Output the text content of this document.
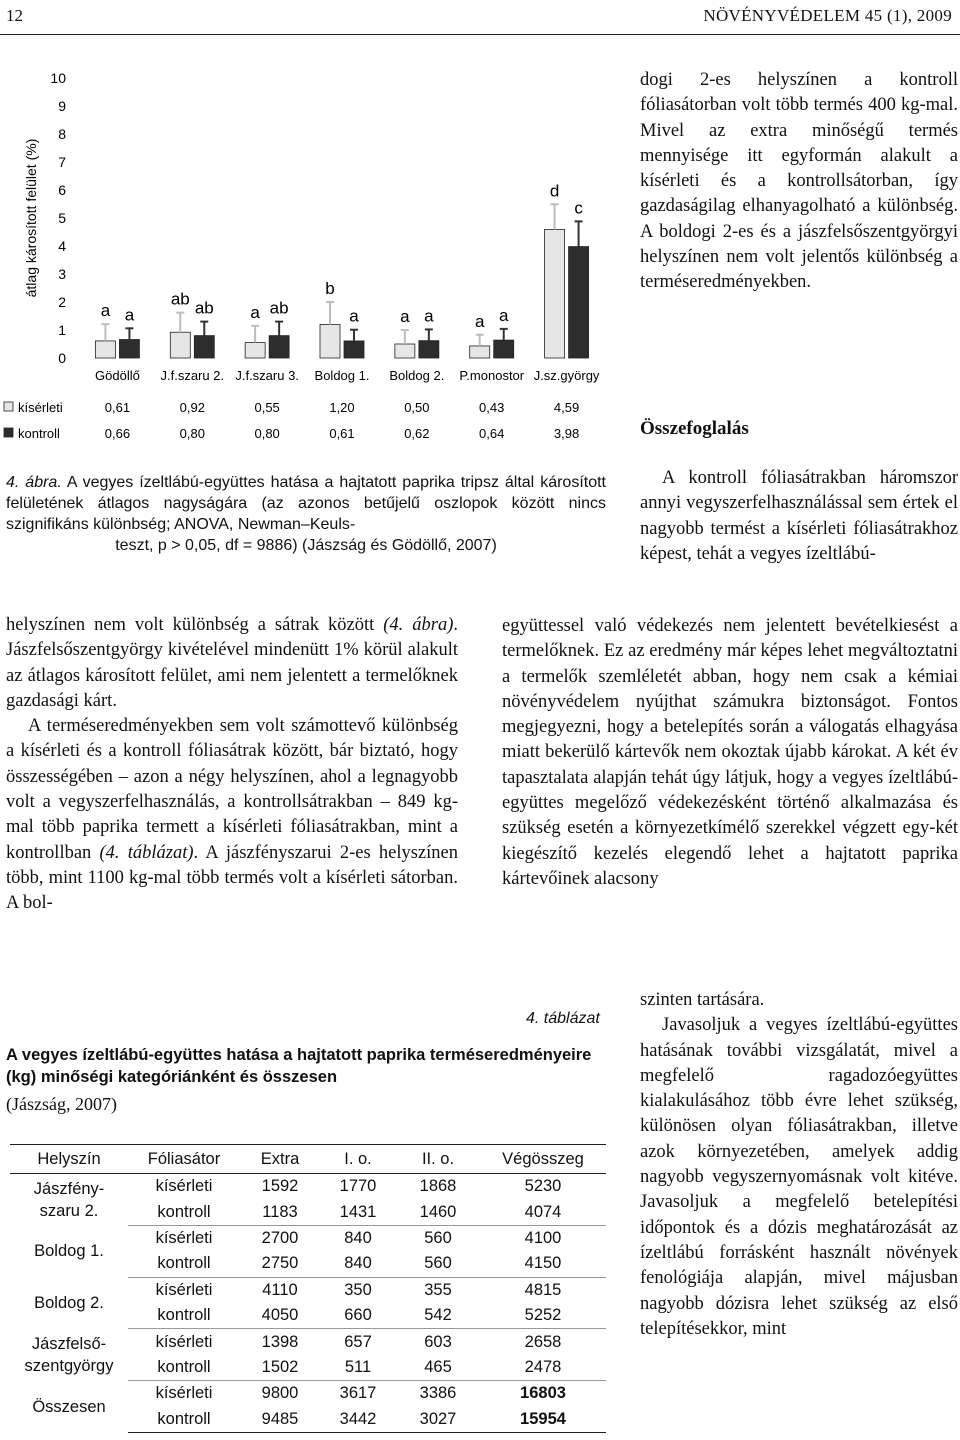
12	NÖVÉNYVÉDELEM 45 (1), 2009
átlag károsított felület (%)
0
1
2
3
4
5
6
7
8
9
10
a a
Gödöllő
ab ab
J.f.szaru 2.
a ab
J.f.szaru 3.
b
a
Boldog 1.
a a
Boldog 2.
a a
P.monostor
d
c
J.sz.györgy
kísérleti	0,61	0,92	0,55	1,20	0,50	0,43	4,59
kontroll	0,66	0,80	0,80	0,61	0,62	0,64	3,98
4. ábra. A vegyes ízeltlábú-együttes hatása a hajtatott paprika tripsz által károsított felületének átlagos nagyságára (az azonos betűjelű oszlopok között nincs szignifikáns különbség; ANOVA, Newman–Keuls-
teszt, p > 0,05, df = 9886) (Jászság és Gödöllő, 2007)

helyszínen nem volt különbség a sátrak között (4. ábra). Jászfelsőszentgyörgy kivételével mindenütt 1% körül alakult az átlagos károsított felület, ami nem jelentett a termelőknek gazdasági kárt.

A terméseredményekben sem volt számottevő különbség a kísérleti és a kontroll fóliasátrak között, bár biztató, hogy összességében – azon a négy helyszínen, ahol a legnagyobb volt a vegyszerfelhasználás, a kontrollsátrakban – 849 kg-mal több paprika termett a kísérleti fóliasátrakban, mint a kontrollban (4. táblázat). A jászfényszarui 2-es helyszínen több, mint 1100 kg-mal több termés volt a kísérleti sátorban. A bol-

dogi 2-es helyszínen a kontroll fóliasátorban volt több termés 400 kg-mal. Mivel az extra minőségű termés mennyisége itt egyformán alakult a kísérleti és a kontrollsátorban, így gazdaságilag elhanyagolható a különbség. A boldogi 2-es és a jászfelsőszentgyörgyi helyszínen nem volt jelentős különbség a terméseredményekben.

Összefoglalás

A kontroll fóliasátrakban háromszor annyi vegyszerfelhasználással sem értek el nagyobb termést a kísérleti fóliasátrakhoz képest, tehát a vegyes ízeltlábú-

együttessel való védekezés nem jelentett bevételkiesést a termelőknek. Ez az eredmény már képes lehet megváltoztatni a termelők szemléletét abban, hogy nem csak a kémiai növényvédelem nyújthat számukra biztonságot. Fontos megjegyezni, hogy a betelepítés során a válogatás elhagyása miatt bekerülő kártevők nem okoztak újabb károkat. A két év tapasztalata alapján tehát úgy látjuk, hogy a vegyes ízeltlábú-együttes megelőző védekezésként történő alkalmazása és szükség esetén a környezetkímélő szerekkel végzett egy-két kiegészítő kezelés elegendő lehet a hajtatott paprika kártevőinek alacsony

szinten tartására.

Javasoljuk a vegyes ízeltlábú-együttes hatásának további vizsgálatát, mivel a megfelelő ragadozóegyüttes kialakulásához több évre lehet szükség, különösen olyan fóliasátrakban, illetve azok környezetében, amelyek addig nagyobb vegyszernyomásnak volt kitéve. Javasoljuk a megfelelő betelepítési időpontok és a dózis meghatározását az ízeltlábú forrásként használt növények fenológiája alapján, mivel májusban nagyobb dózisra lehet szükség az első telepítésekkor, mint

4. táblázat
A vegyes ízeltlábú-együttes hatása a hajtatott paprika terméseredményeire (kg) minőségi kategóriánként és összesen
(Jászság, 2007)
Helyszín	Fóliasátor	Extra	I. o.	II. o.	Végösszeg
Jászfény-
szaru 2.	kísérleti	1592	1770	1868	5230
	kontroll	1183	1431	1460	4074
Boldog 1.	kísérleti	2700	840	560	4100
	kontroll	2750	840	560	4150
Boldog 2.	kísérleti	4110	350	355	4815
	kontroll	4050	660	542	5252
Jászfelső-
szentgyörgy	kísérleti	1398	657	603	2658
	kontroll	1502	511	465	2478
Összesen	kísérleti	9800	3617	3386	16803
	kontroll	9485	3442	3027	15954
